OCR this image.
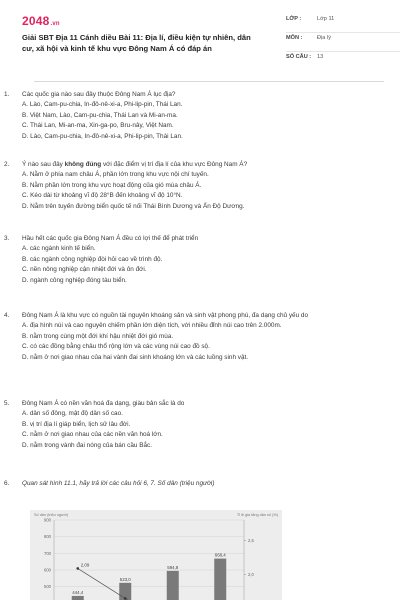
2048.vn
Giải SBT Địa 11 Cánh diều Bài 11: Địa lí, điều kiện tự nhiên, dân cư, xã hội và kinh tế khu vực Đông Nam Á có đáp án
LỚP :	Lớp 11
MÔN :	Địa lý
SỐ CÂU :	13
1. Các quốc gia nào sau đây thuộc Đông Nam Á lục địa?
A. Lào, Cam-pu-chia, In-đô-nê-xi-a, Phi-lip-pin, Thái Lan.
B. Việt Nam, Lào, Cam-pu-chia, Thái Lan và Mi-an-ma.
C. Thái Lan, Mi-an-ma, Xin-ga-po, Bru-nây, Việt Nam.
D. Lào, Cam-pu-chia, In-đô-nê-xi-a, Phi-lip-pin, Thái Lan.
2. Ý nào sau đây không đúng với đặc điểm vị trí địa lí của khu vực Đông Nam Á?
A. Nằm ở phía nam châu Á, phần lớn trong khu vực nội chí tuyến.
B. Nằm phần lớn trong khu vực hoạt động của gió mùa châu Á.
C. Kéo dài từ khoảng vĩ độ 28°B đến khoảng vĩ độ 10°N.
D. Nằm trên tuyến đường biển quốc tế nối Thái Bình Dương và Ấn Độ Dương.
3. Hầu hết các quốc gia Đông Nam Á đều có lợi thế để phát triển
A. các ngành kinh tế biển.
B. các ngành công nghiệp đòi hỏi cao về trình độ.
C. nền nông nghiệp cận nhiệt đới và ôn đới.
D. ngành công nghiệp đóng tàu biển.
4. Đông Nam Á là khu vực có nguồn tài nguyên khoáng sản và sinh vật phong phú, đa dạng chủ yếu do
A. địa hình núi và cao nguyên chiếm phần lớn diện tích, với nhiều đỉnh núi cao trên 2.000m.
B. nằm trong cùng một đới khí hậu nhiệt đới gió mùa.
C. có các đồng bằng châu thổ rộng lớn và các vùng núi cao đồ sộ.
D. nằm ở nơi giao nhau của hai vành đai sinh khoáng lớn và các luồng sinh vật.
5. Đông Nam Á có nền văn hoá đa dạng, giàu bản sắc là do
A. dân số đông, mật độ dân số cao.
B. vị trí địa lí giáp biển, lịch sử lâu đời.
C. nằm ở nơi giao nhau của các nền văn hoá lớn.
D. nằm trong vành đai nóng của bán cầu Bắc.
6. Quan sát hình 11.1, hãy trả lời các câu hỏi 6, 7. Số dân (triệu người)
Số dân (triệu người)	Tỉ lệ gia tăng dân số (%)
900
800
700
600
500
2,5
2,0
444,4
523,0
594,8
668,4
2,09
